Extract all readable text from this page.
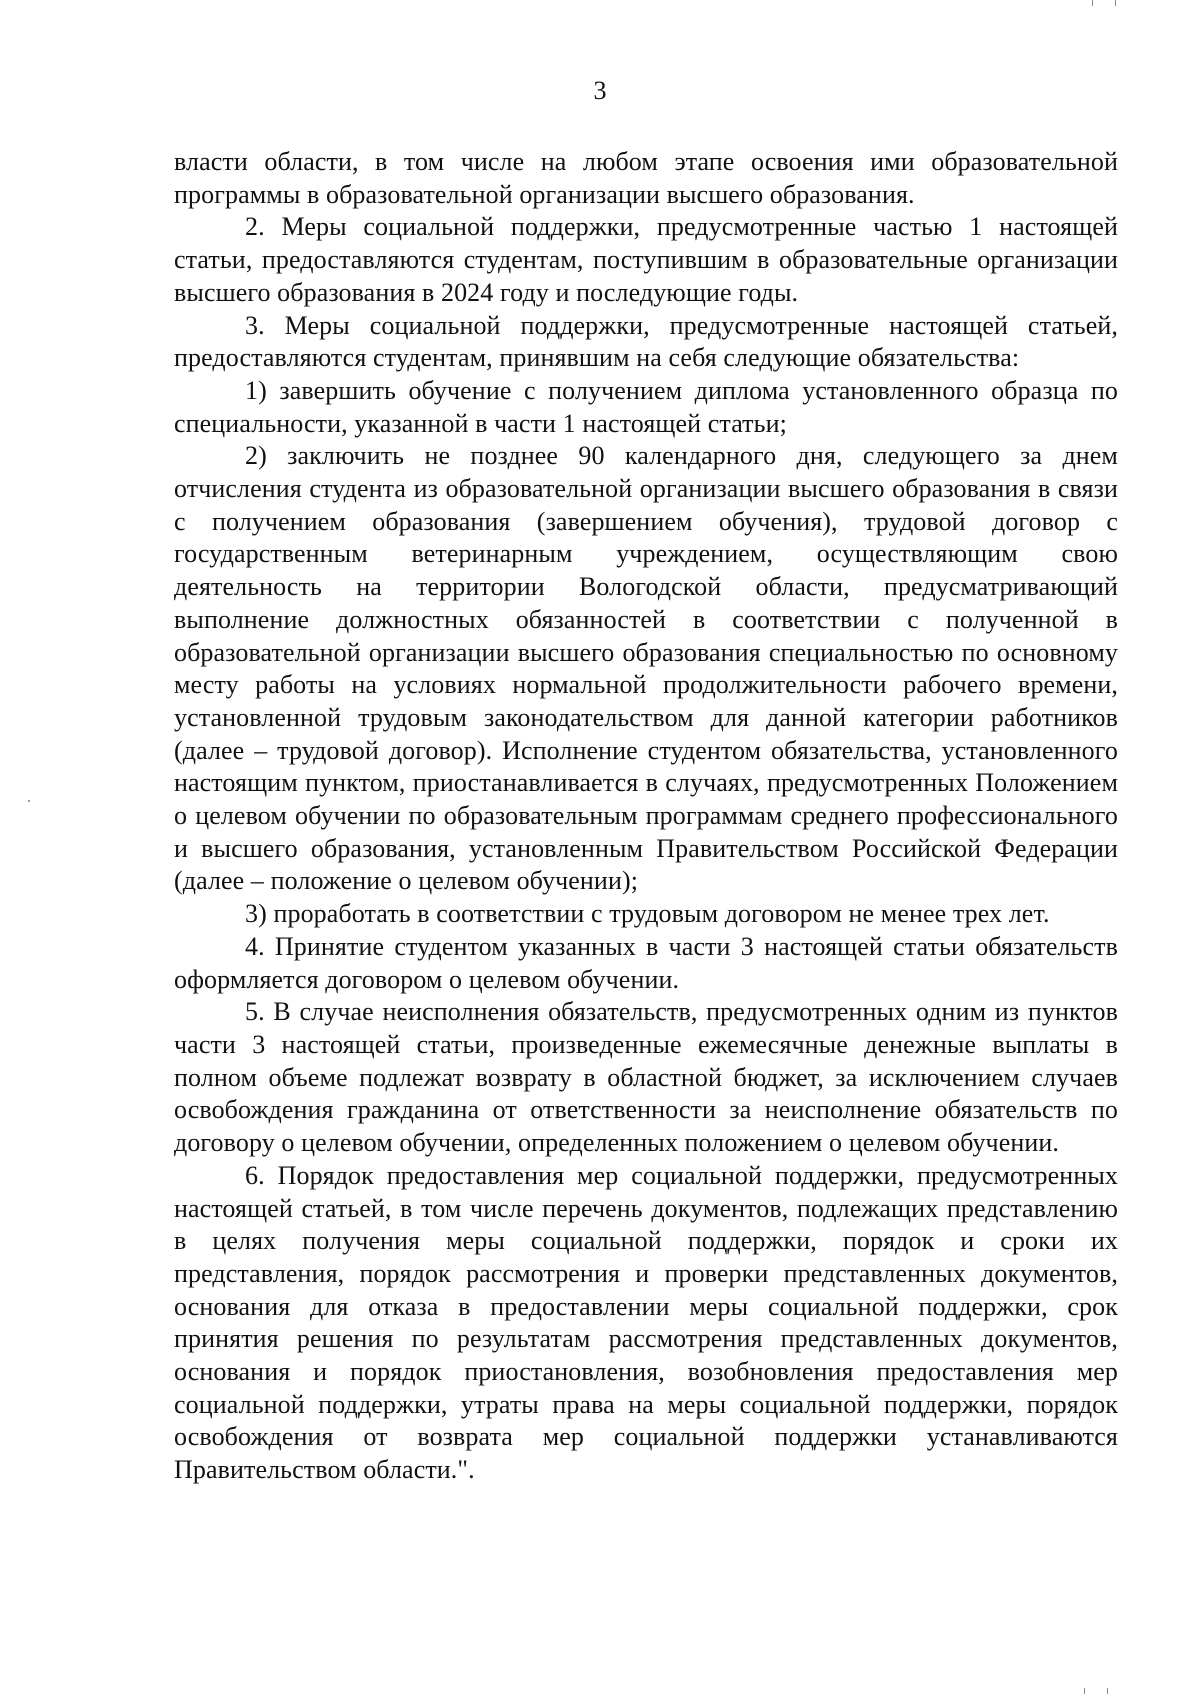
3

власти области, в том числе на любом этапе освоения ими образовательной программы в образовательной организации высшего образования.

2. Меры социальной поддержки, предусмотренные частью 1 настоящей статьи, предоставляются студентам, поступившим в образовательные организации высшего образования в 2024 году и последующие годы.

3. Меры социальной поддержки, предусмотренные настоящей статьей, предоставляются студентам, принявшим на себя следующие обязательства:

1) завершить обучение с получением диплома установленного образца по специальности, указанной в части 1 настоящей статьи;

2) заключить не позднее 90 календарного дня, следующего за днем отчисления студента из образовательной организации высшего образования в связи с получением образования (завершением обучения), трудовой договор с государственным ветеринарным учреждением, осуществляющим свою деятельность на территории Вологодской области, предусматривающий выполнение должностных обязанностей в соответствии с полученной в образовательной организации высшего образования специальностью по основному месту работы на условиях нормальной продолжительности рабочего времени, установленной трудовым законодательством для данной категории работников (далее – трудовой договор). Исполнение студентом обязательства, установленного настоящим пунктом, приостанавливается в случаях, предусмотренных Положением о целевом обучении по образовательным программам среднего профессионального и высшего образования, установленным Правительством Российской Федерации (далее – положение о целевом обучении);

3) проработать в соответствии с трудовым договором не менее трех лет.

4. Принятие студентом указанных в части 3 настоящей статьи обязательств оформляется договором о целевом обучении.

5. В случае неисполнения обязательств, предусмотренных одним из пунктов части 3 настоящей статьи, произведенные ежемесячные денежные выплаты в полном объеме подлежат возврату в областной бюджет, за исключением случаев освобождения гражданина от ответственности за неисполнение обязательств по договору о целевом обучении, определенных положением о целевом обучении.

6. Порядок предоставления мер социальной поддержки, предусмотренных настоящей статьей, в том числе перечень документов, подлежащих представлению в целях получения меры социальной поддержки, порядок и сроки их представления, порядок рассмотрения и проверки представленных документов, основания для отказа в предоставлении меры социальной поддержки, срок принятия решения по результатам рассмотрения представленных документов, основания и порядок приостановления, возобновления предоставления мер социальной поддержки, утраты права на меры социальной поддержки, порядок освобождения от возврата мер социальной поддержки устанавливаются Правительством области.".
